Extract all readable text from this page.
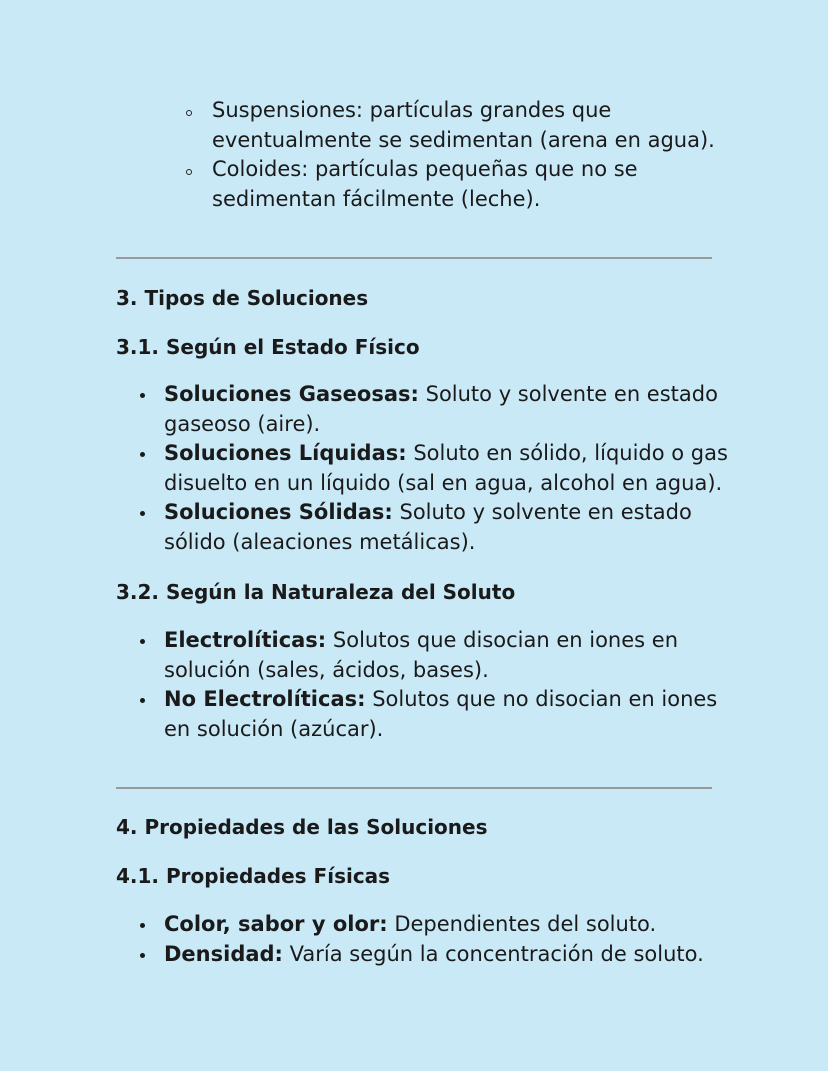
Suspensiones: partículas grandes que eventualmente se sedimentan (arena en agua).
Coloides: partículas pequeñas que no se sedimentan fácilmente (leche).
3. Tipos de Soluciones
3.1. Según el Estado Físico
Soluciones Gaseosas: Soluto y solvente en estado gaseoso (aire).
Soluciones Líquidas: Soluto en sólido, líquido o gas disuelto en un líquido (sal en agua, alcohol en agua).
Soluciones Sólidas: Soluto y solvente en estado sólido (aleaciones metálicas).
3.2. Según la Naturaleza del Soluto
Electrolíticas: Solutos que disocian en iones en solución (sales, ácidos, bases).
No Electrolíticas: Solutos que no disocian en iones en solución (azúcar).
4. Propiedades de las Soluciones
4.1. Propiedades Físicas
Color, sabor y olor: Dependientes del soluto.
Densidad: Varía según la concentración de soluto.
